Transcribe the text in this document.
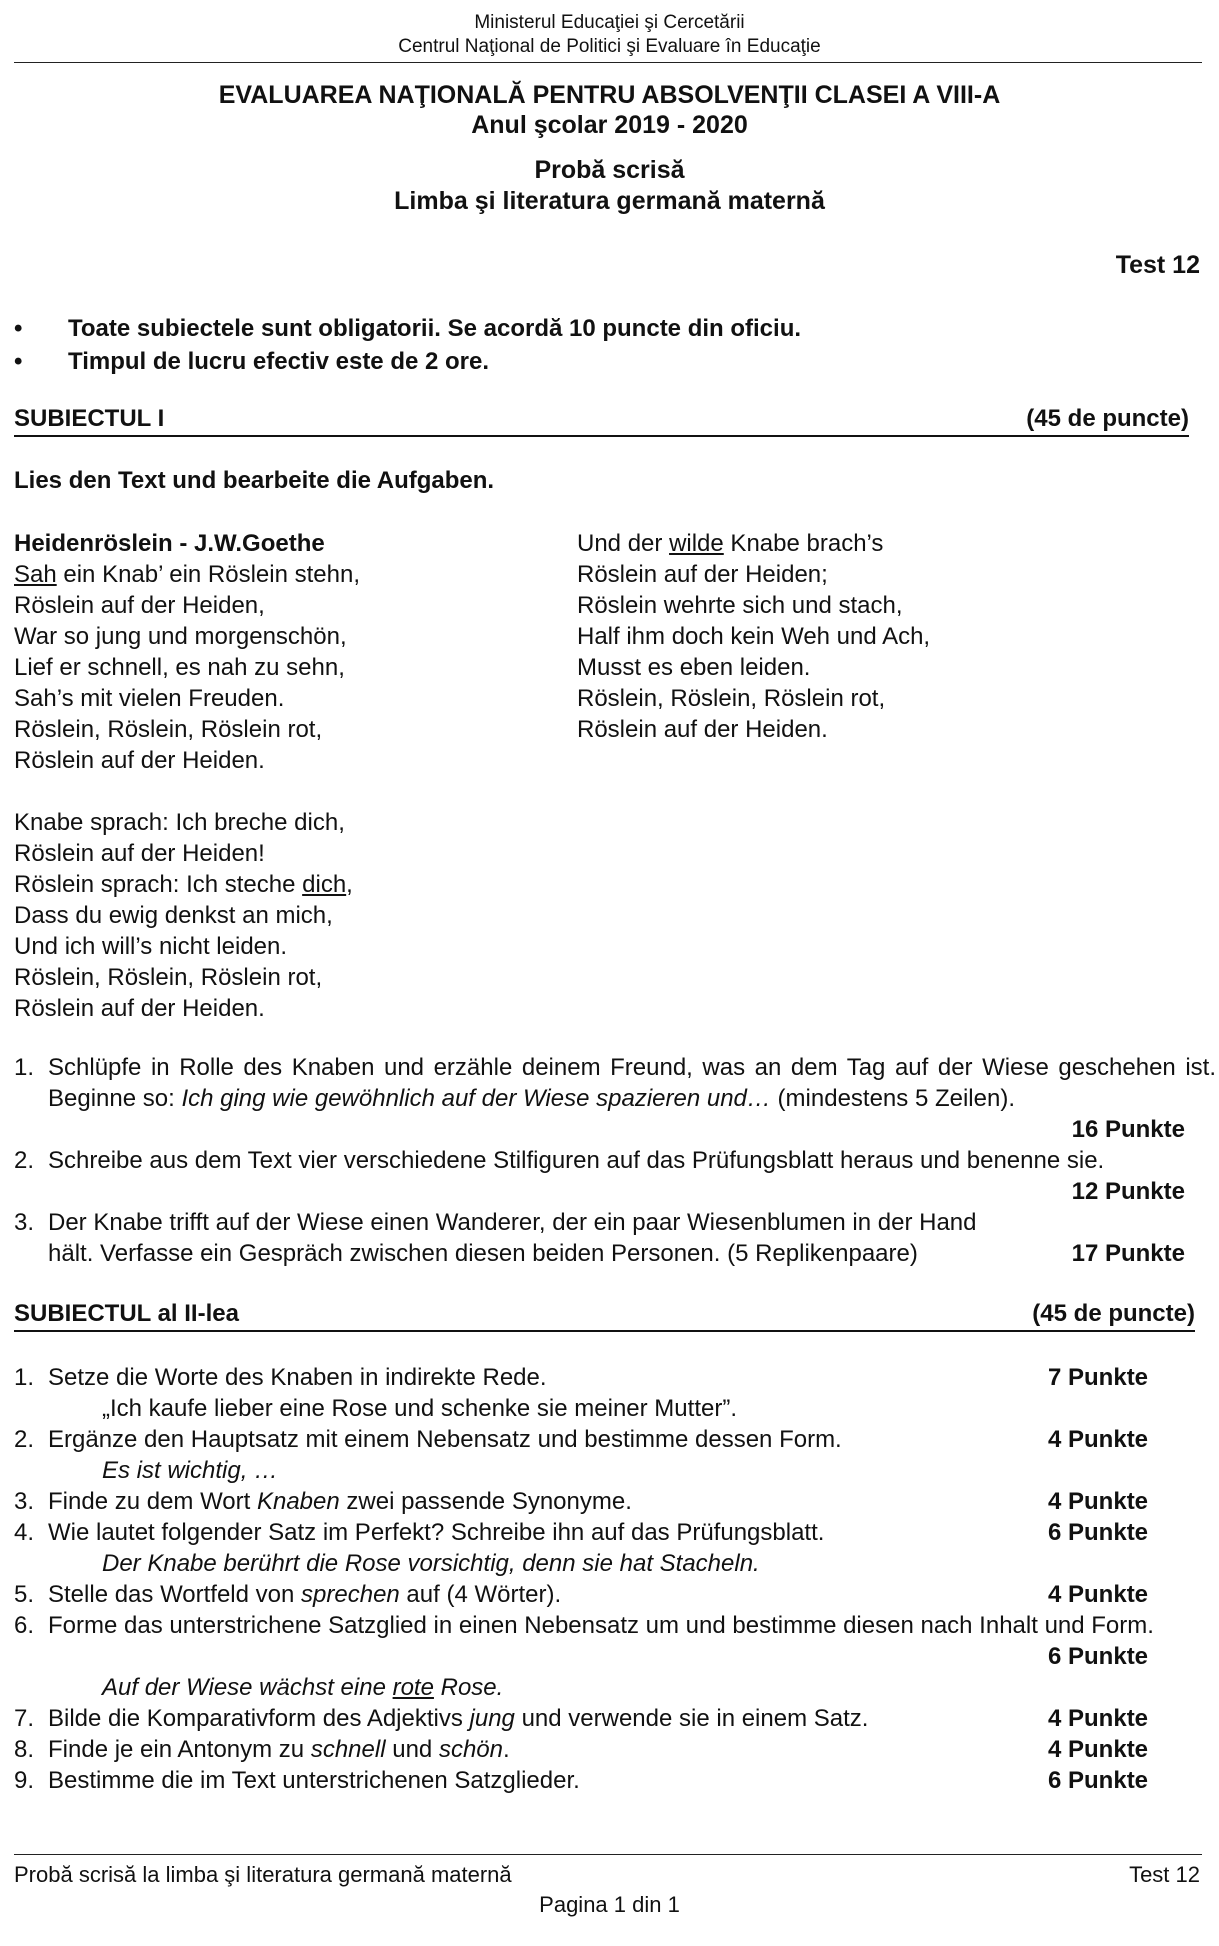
Ministerul Educaţiei şi Cercetării
Centrul Naţional de Politici şi Evaluare în Educaţie
EVALUAREA NAŢIONALĂ PENTRU ABSOLVENŢII CLASEI A VIII-A
Anul şcolar 2019 - 2020
Probă scrisă
Limba şi literatura germană maternă
Test 12
• Toate subiectele sunt obligatorii. Se acordă 10 puncte din oficiu.
• Timpul de lucru efectiv este de 2 ore.
SUBIECTUL I	(45 de puncte)
Lies den Text und bearbeite die Aufgaben.
Heidenröslein - J.W.Goethe
Sah ein Knab’ ein Röslein stehn,
Röslein auf der Heiden,
War so jung und morgenschön,
Lief er schnell, es nah zu sehn,
Sah’s mit vielen Freuden.
Röslein, Röslein, Röslein rot,
Röslein auf der Heiden.
Knabe sprach: Ich breche dich,
Röslein auf der Heiden!
Röslein sprach: Ich steche dich,
Dass du ewig denkst an mich,
Und ich will’s nicht leiden.
Röslein, Röslein, Röslein rot,
Röslein auf der Heiden.
Und der wilde Knabe brach’s
Röslein auf der Heiden;
Röslein wehrte sich und stach,
Half ihm doch kein Weh und Ach,
Musst es eben leiden.
Röslein, Röslein, Röslein rot,
Röslein auf der Heiden.
1. Schlüpfe in Rolle des Knaben und erzähle deinem Freund, was an dem Tag auf der Wiese geschehen ist. Beginne so: Ich ging wie gewöhnlich auf der Wiese spazieren und… (mindestens 5 Zeilen).
16 Punkte
2. Schreibe aus dem Text vier verschiedene Stilfiguren auf das Prüfungsblatt heraus und benenne sie.
12 Punkte
3. Der Knabe trifft auf der Wiese einen Wanderer, der ein paar Wiesenblumen in der Hand hält. Verfasse ein Gespräch zwischen diesen beiden Personen. (5 Replikenpaare)	17 Punkte
SUBIECTUL al II-lea	(45 de puncte)
1. Setze die Worte des Knaben in indirekte Rede.	7 Punkte
„Ich kaufe lieber eine Rose und schenke sie meiner Mutter”.
2. Ergänze den Hauptsatz mit einem Nebensatz und bestimme dessen Form.	4 Punkte
Es ist wichtig, …
3. Finde zu dem Wort Knaben zwei passende Synonyme.	4 Punkte
4. Wie lautet folgender Satz im Perfekt? Schreibe ihn auf das Prüfungsblatt.	6 Punkte
Der Knabe berührt die Rose vorsichtig, denn sie hat Stacheln.
5. Stelle das Wortfeld von sprechen auf (4 Wörter).	4 Punkte
6. Forme das unterstrichene Satzglied in einen Nebensatz um und bestimme diesen nach Inhalt und Form.
6 Punkte
Auf der Wiese wächst eine rote Rose.
7. Bilde die Komparativform des Adjektivs jung und verwende sie in einem Satz.	4 Punkte
8. Finde je ein Antonym zu schnell und schön.	4 Punkte
9. Bestimme die im Text unterstrichenen Satzglieder.	6 Punkte
Probă scrisă la limba şi literatura germană maternă	Test 12
Pagina 1 din 1
